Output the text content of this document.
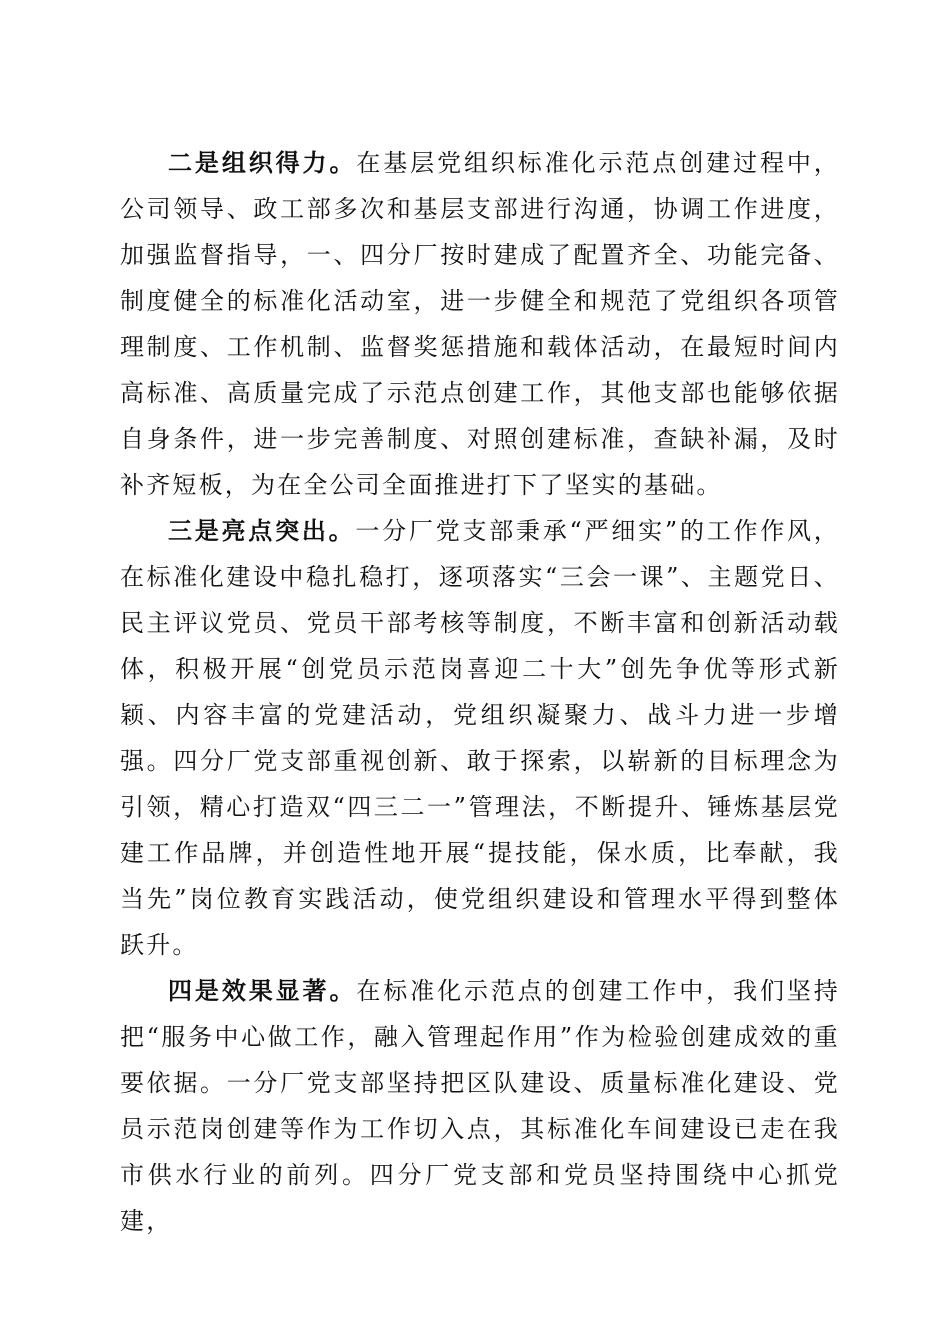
二是组织得力。在基层党组织标准化示范点创建过程中，公司领导、政工部多次和基层支部进行沟通，协调工作进度，加强监督指导，一、四分厂按时建成了配置齐全、功能完备、制度健全的标准化活动室，进一步健全和规范了党组织各项管理制度、工作机制、监督奖惩措施和载体活动，在最短时间内高标准、高质量完成了示范点创建工作，其他支部也能够依据自身条件，进一步完善制度、对照创建标准，查缺补漏，及时补齐短板，为在全公司全面推进打下了坚实的基础。

三是亮点突出。一分厂党支部秉承“严细实”的工作作风，在标准化建设中稳扎稳打，逐项落实“三会一课”、主题党日、民主评议党员、党员干部考核等制度，不断丰富和创新活动载体，积极开展“创党员示范岗喜迎二十大”创先争优等形式新颖、内容丰富的党建活动，党组织凝聚力、战斗力进一步增强。四分厂党支部重视创新、敢于探索，以崭新的目标理念为引领，精心打造双“四三二一”管理法，不断提升、锤炼基层党建工作品牌，并创造性地开展“提技能，保水质，比奉献，我当先”岗位教育实践活动，使党组织建设和管理水平得到整体跃升。

四是效果显著。在标准化示范点的创建工作中，我们坚持把“服务中心做工作，融入管理起作用”作为检验创建成效的重要依据。一分厂党支部坚持把区队建设、质量标准化建设、党员示范岗创建等作为工作切入点，其标准化车间建设已走在我市供水行业的前列。四分厂党支部和党员坚持围绕中心抓党建，
